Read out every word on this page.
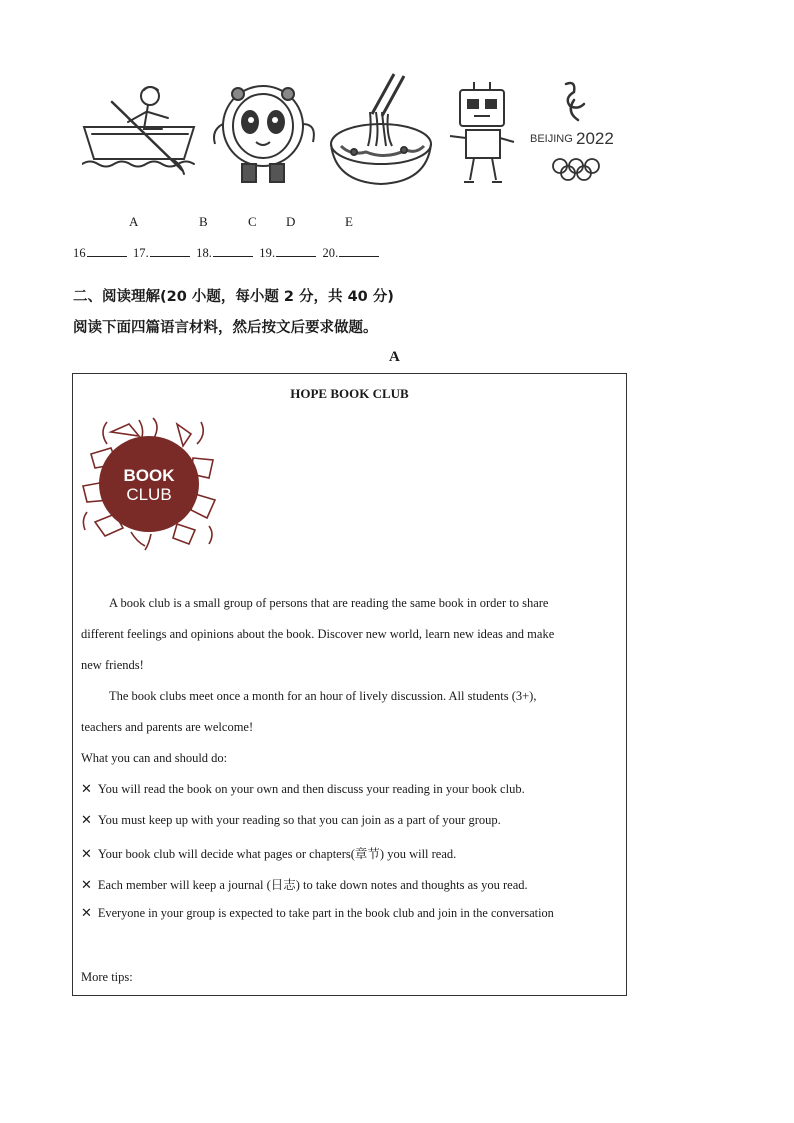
BEIJING 2022
A	B	C D	E
16	17.	18.	19.	20.
二、阅读理解(20 小题，每小题 2 分，共 40 分)
阅读下面四篇语言材料，然后按文后要求做题。
A
HOPE BOOK CLUB
BOOK
CLUB
A book club is a small group of persons that are reading the same book in order to share
different feelings and opinions about the book. Discover new world, learn new ideas and make
new friends!
The book clubs meet once a month for an hour of lively discussion. All students (3+),
teachers and parents are welcome!
What you can and should do:
✕ You will read the book on your own and then discuss your reading in your book club.
✕ You must keep up with your reading so that you can join as a part of your group.
✕ Your book club will decide what pages or chapters(章节) you will read.
✕ Each member will keep a journal (日志) to take down notes and thoughts as you read.
✕ Everyone in your group is expected to take part in the book club and join in the conversation
More tips:
